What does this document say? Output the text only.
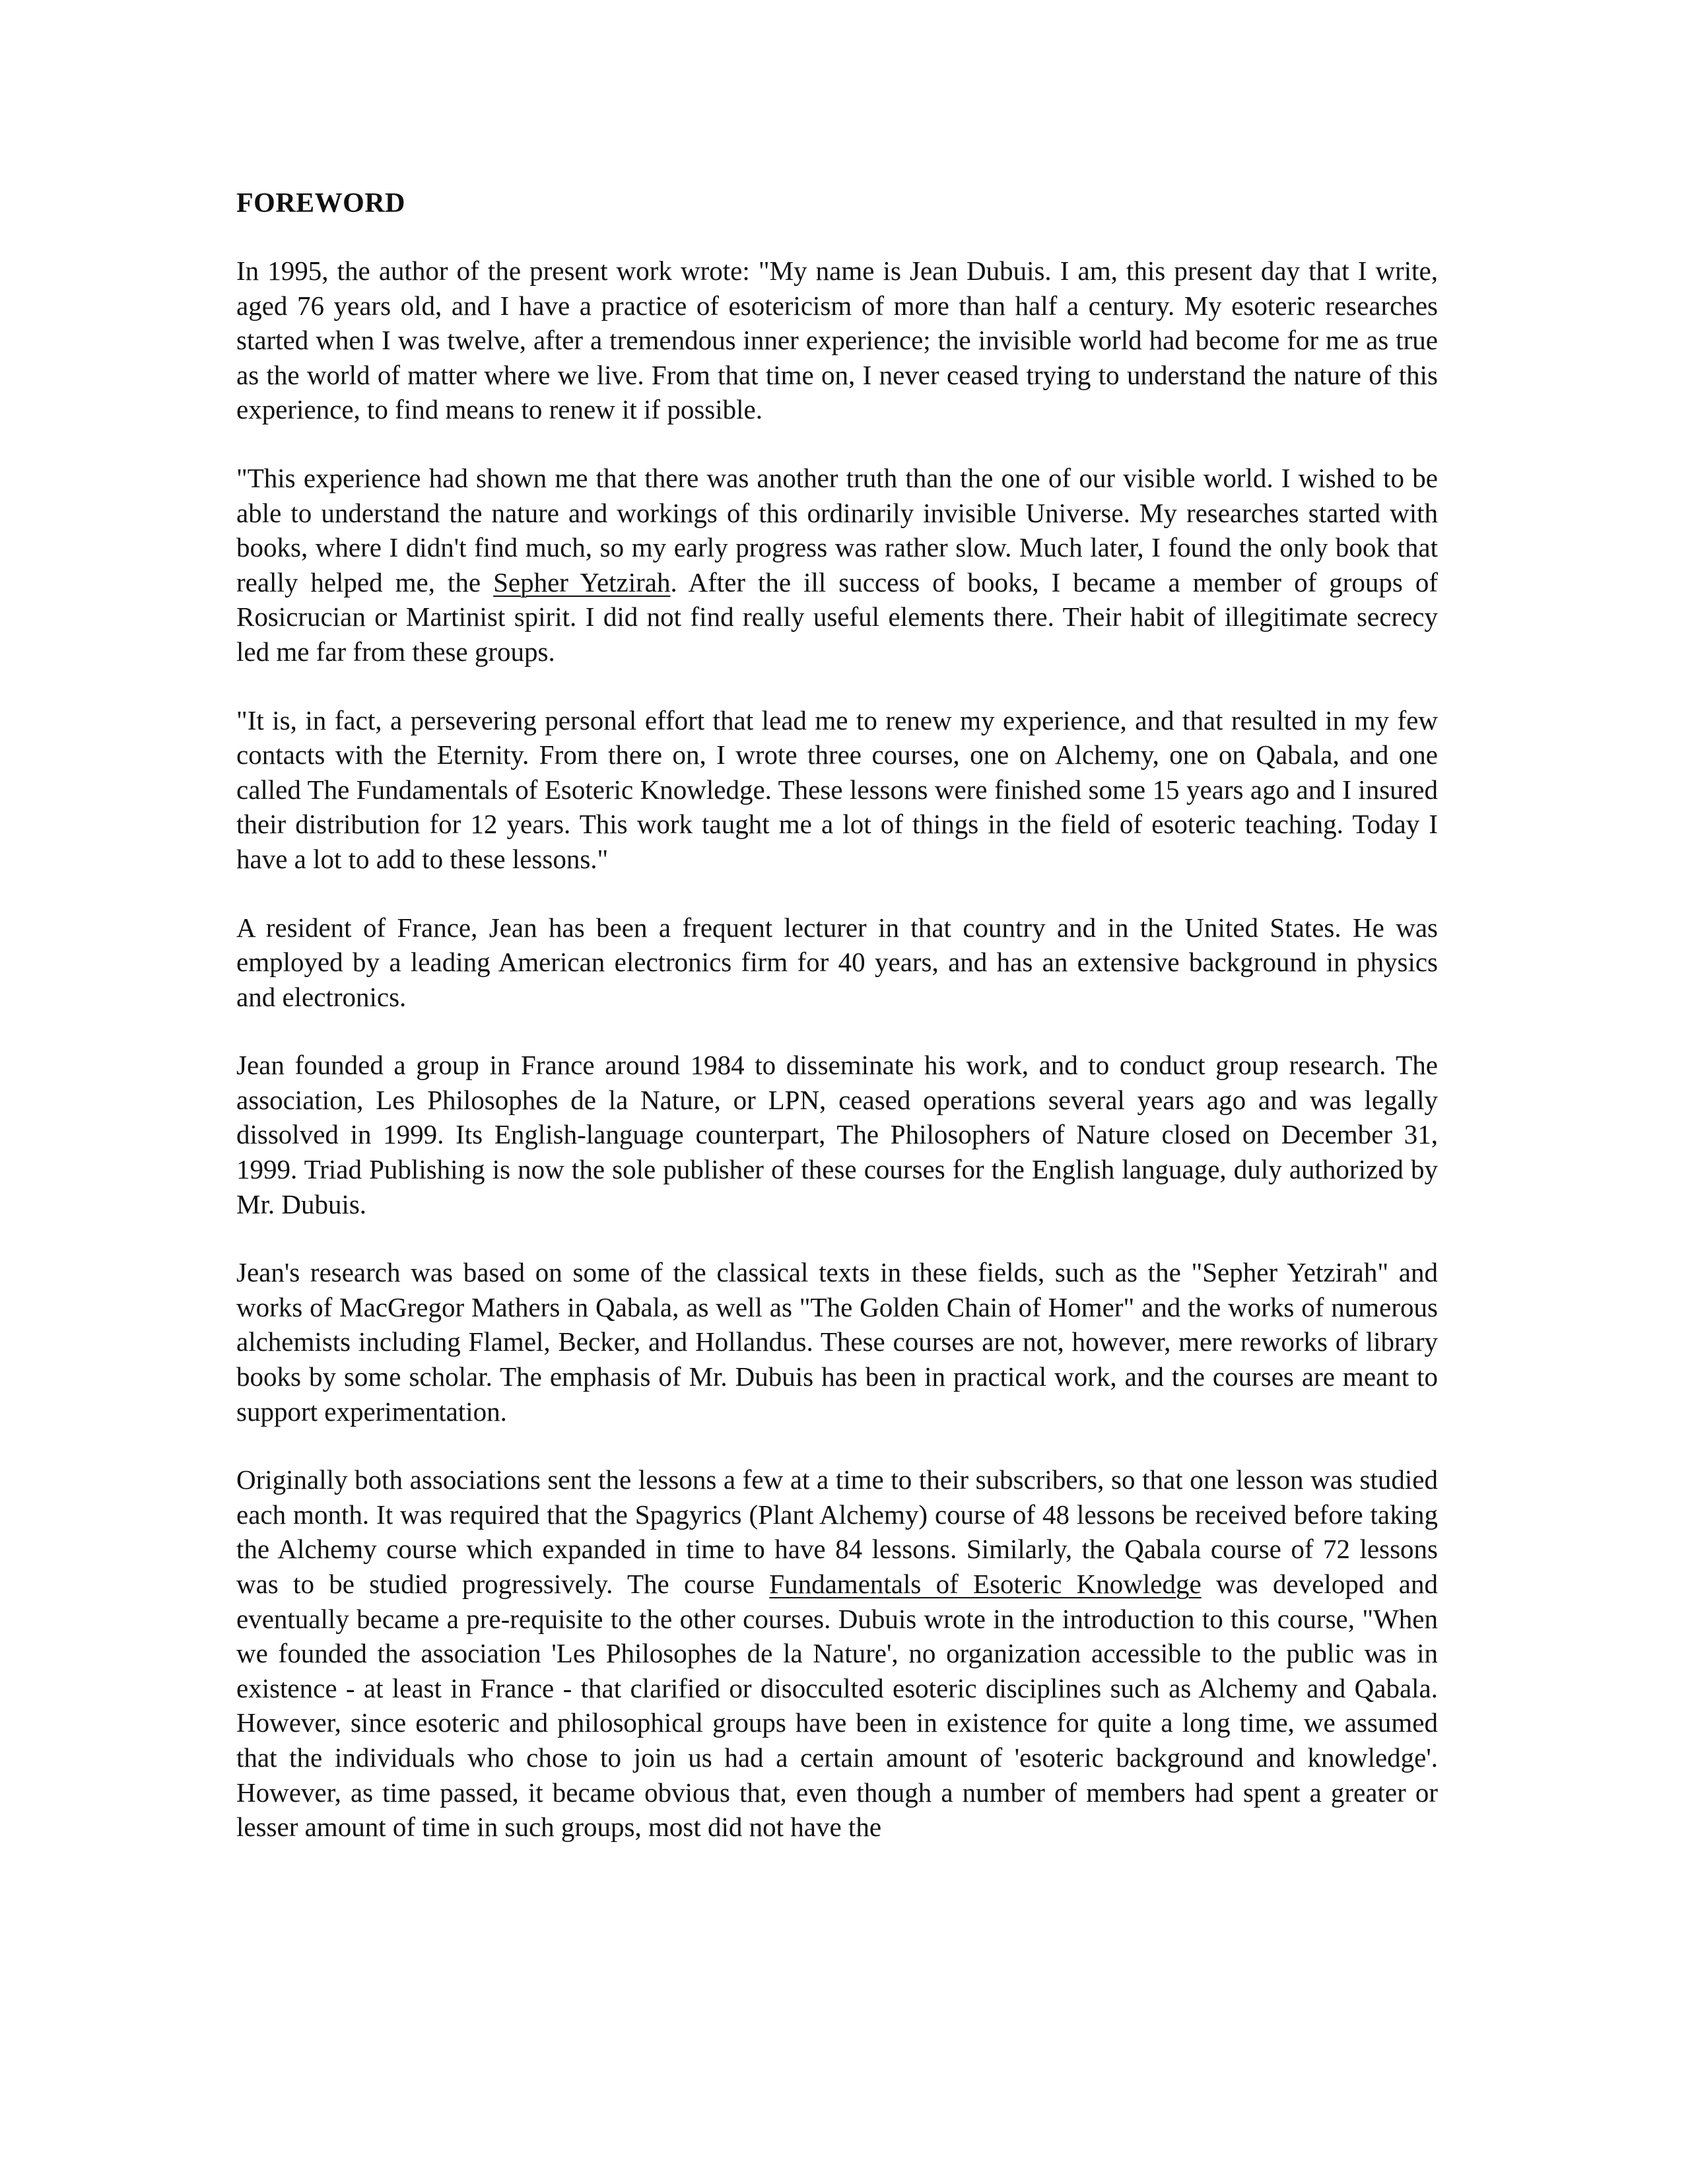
FOREWORD

In 1995, the author of the present work wrote: "My name is Jean Dubuis. I am, this present day that I write, aged 76 years old, and I have a practice of esotericism of more than half a century. My esoteric researches started when I was twelve, after a tremendous inner experience; the invisible world had become for me as true as the world of matter where we live. From that time on, I never ceased trying to understand the nature of this experience, to find means to renew it if possible.

"This experience had shown me that there was another truth than the one of our visible world. I wished to be able to understand the nature and workings of this ordinarily invisible Universe. My researches started with books, where I didn't find much, so my early progress was rather slow. Much later, I found the only book that really helped me, the Sepher Yetzirah. After the ill success of books, I became a member of groups of Rosicrucian or Martinist spirit. I did not find really useful elements there. Their habit of illegitimate secrecy led me far from these groups.

"It is, in fact, a persevering personal effort that lead me to renew my experience, and that resulted in my few contacts with the Eternity. From there on, I wrote three courses, one on Alchemy, one on Qabala, and one called The Fundamentals of Esoteric Knowledge. These lessons were finished some 15 years ago and I insured their distribution for 12 years. This work taught me a lot of things in the field of esoteric teaching. Today I have a lot to add to these lessons."

A resident of France, Jean has been a frequent lecturer in that country and in the United States. He was employed by a leading American electronics firm for 40 years, and has an extensive background in physics and electronics.

Jean founded a group in France around 1984 to disseminate his work, and to conduct group research. The association, Les Philosophes de la Nature, or LPN, ceased operations several years ago and was legally dissolved in 1999. Its English-language counterpart, The Philosophers of Nature closed on December 31, 1999. Triad Publishing is now the sole publisher of these courses for the English language, duly authorized by Mr. Dubuis.

Jean's research was based on some of the classical texts in these fields, such as the "Sepher Yetzirah" and works of MacGregor Mathers in Qabala, as well as "The Golden Chain of Homer" and the works of numerous alchemists including Flamel, Becker, and Hollandus. These courses are not, however, mere reworks of library books by some scholar. The emphasis of Mr. Dubuis has been in practical work, and the courses are meant to support experimentation.

Originally both associations sent the lessons a few at a time to their subscribers, so that one lesson was studied each month. It was required that the Spagyrics (Plant Alchemy) course of 48 lessons be received before taking the Alchemy course which expanded in time to have 84 lessons. Similarly, the Qabala course of 72 lessons was to be studied progressively. The course Fundamentals of Esoteric Knowledge was developed and eventually became a pre-requisite to the other courses. Dubuis wrote in the introduction to this course, "When we founded the association 'Les Philosophes de la Nature', no organization accessible to the public was in existence - at least in France - that clarified or disocculted esoteric disciplines such as Alchemy and Qabala. However, since esoteric and philosophical groups have been in existence for quite a long time, we assumed that the individuals who chose to join us had a certain amount of 'esoteric background and knowledge'. However, as time passed, it became obvious that, even though a number of members had spent a greater or lesser amount of time in such groups, most did not have the
